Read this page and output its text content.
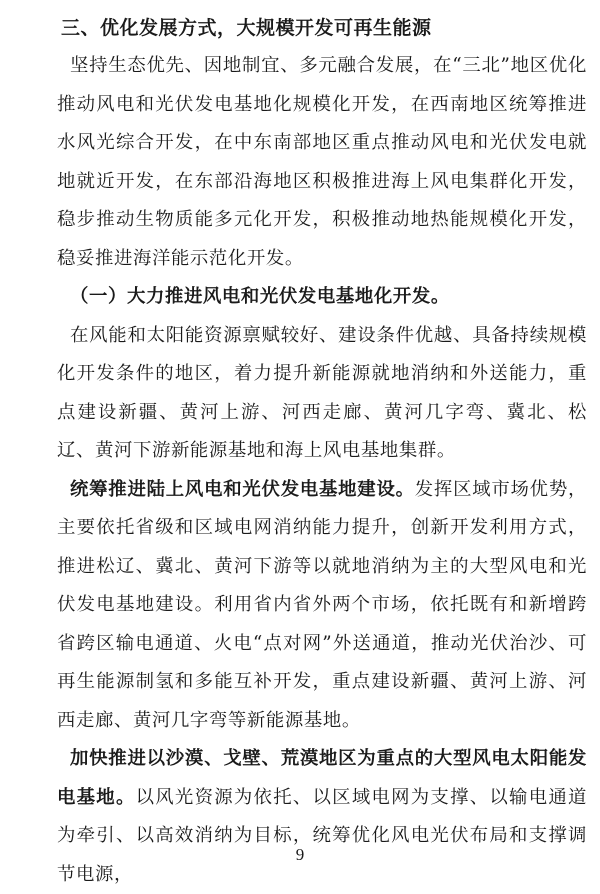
三、优化发展方式，大规模开发可再生能源

坚持生态优先、因地制宜、多元融合发展，在“三北”地区优化推动风电和光伏发电基地化规模化开发，在西南地区统筹推进水风光综合开发，在中东南部地区重点推动风电和光伏发电就地就近开发，在东部沿海地区积极推进海上风电集群化开发，稳步推动生物质能多元化开发，积极推动地热能规模化开发，稳妥推进海洋能示范化开发。

（一）大力推进风电和光伏发电基地化开发。

在风能和太阳能资源禀赋较好、建设条件优越、具备持续规模化开发条件的地区，着力提升新能源就地消纳和外送能力，重点建设新疆、黄河上游、河西走廊、黄河几字弯、冀北、松辽、黄河下游新能源基地和海上风电基地集群。

统筹推进陆上风电和光伏发电基地建设。发挥区域市场优势，主要依托省级和区域电网消纳能力提升，创新开发利用方式，推进松辽、冀北、黄河下游等以就地消纳为主的大型风电和光伏发电基地建设。利用省内省外两个市场，依托既有和新增跨省跨区输电通道、火电“点对网”外送通道，推动光伏治沙、可再生能源制氢和多能互补开发，重点建设新疆、黄河上游、河西走廊、黄河几字弯等新能源基地。

加快推进以沙漠、戈壁、荒漠地区为重点的大型风电太阳能发电基地。以风光资源为依托、以区域电网为支撑、以输电通道为牵引、以高效消纳为目标，统筹优化风电光伏布局和支撑调节电源，

9
